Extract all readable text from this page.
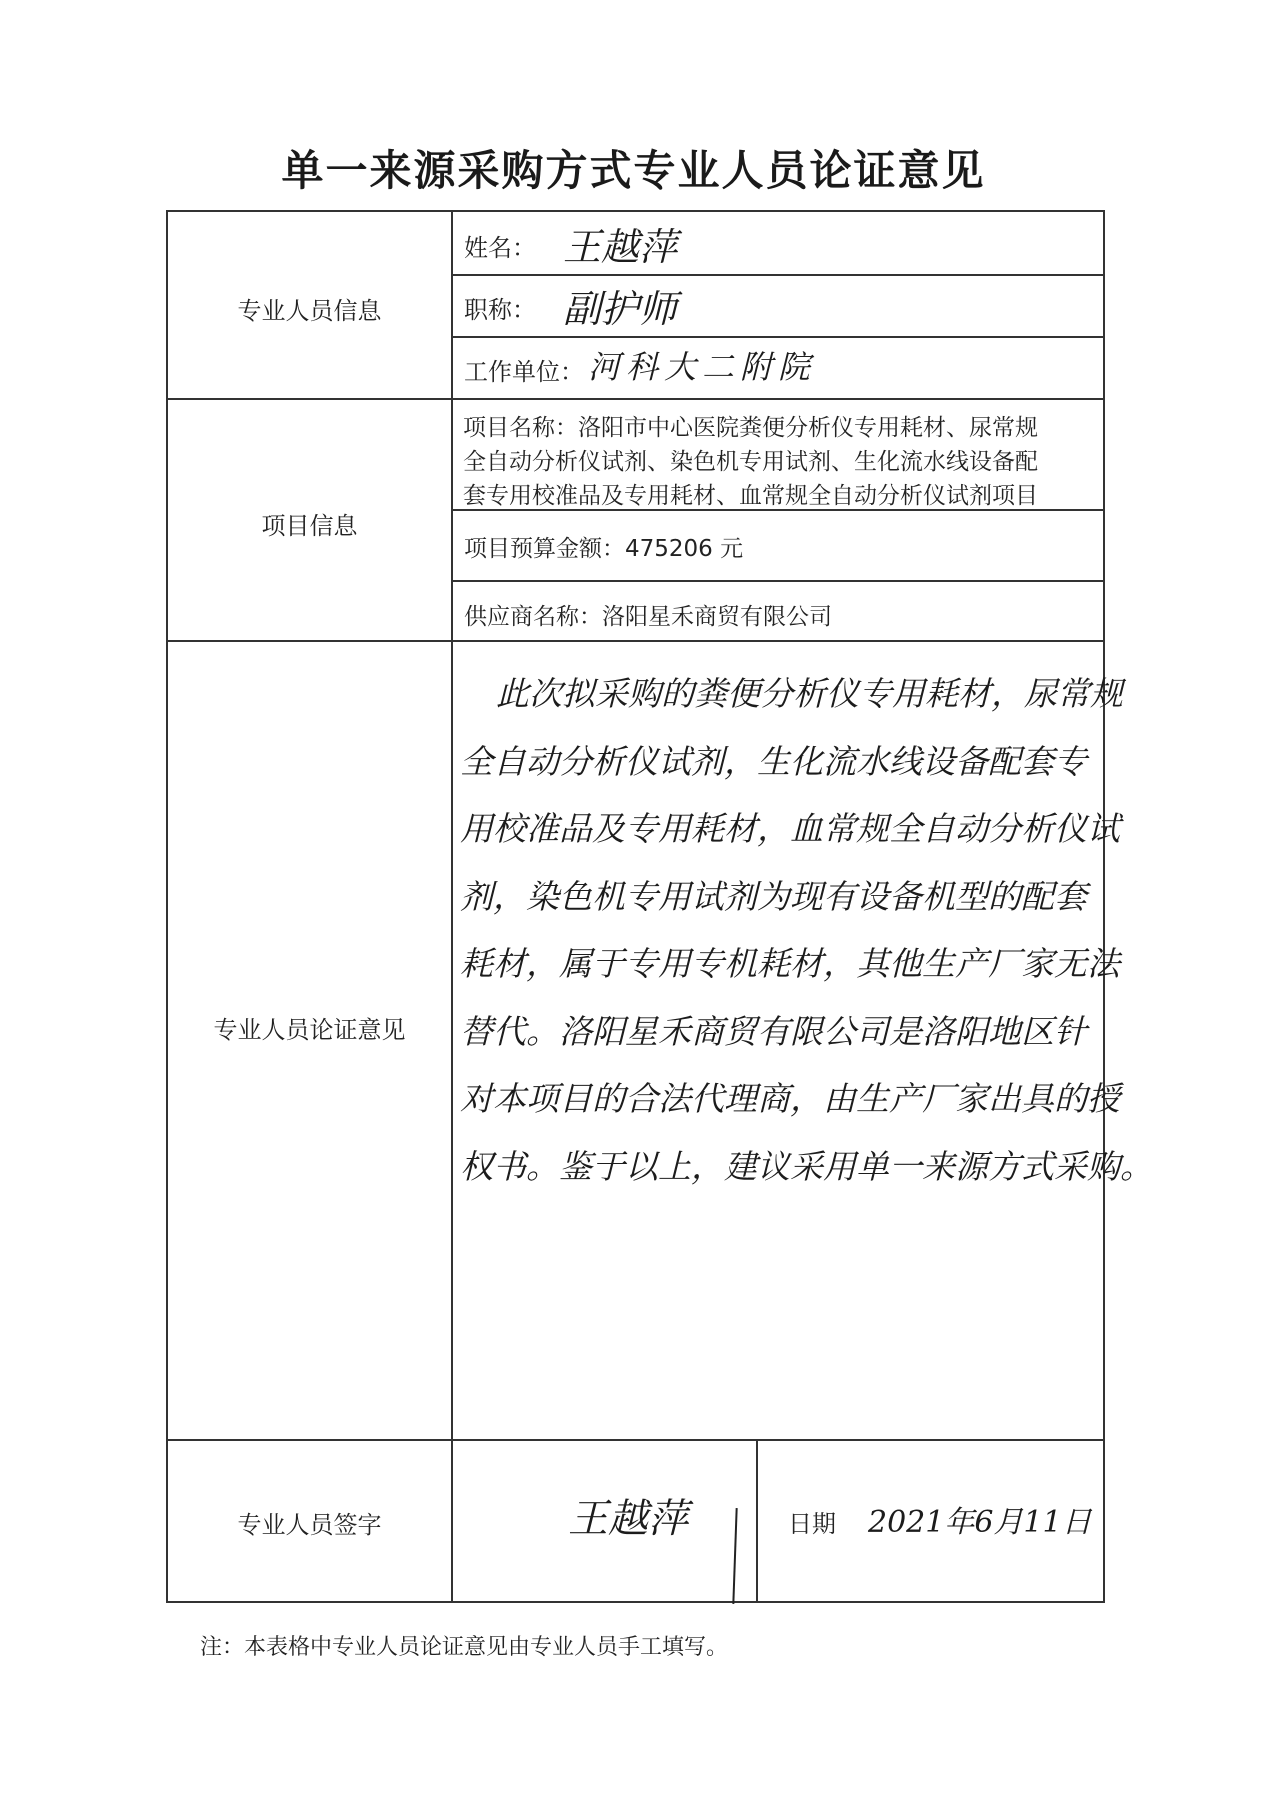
单一来源采购方式专业人员论证意见
专业人员信息
姓名： 王越萍
职称： 副护师
工作单位： 河科大二附院
项目信息
项目名称：洛阳市中心医院粪便分析仪专用耗材、尿常规
全自动分析仪试剂、染色机专用试剂、生化流水线设备配
套专用校准品及专用耗材、血常规全自动分析仪试剂项目
项目预算金额： 475206 元
供应商名称： 洛阳星禾商贸有限公司
专业人员论证意见

此次拟采购的粪便分析仪专用耗材，尿常规

全自动分析仪试剂，生化流水线设备配套专

用校准品及专用耗材，血常规全自动分析仪试

剂，染色机专用试剂为现有设备机型的配套

耗材，属于专用专机耗材，其他生产厂家无法

替代。洛阳星禾商贸有限公司是洛阳地区针

对本项目的合法代理商，由生产厂家出具的授

权书。鉴于以上，建议采用单一来源方式采购。

专业人员签字	王越萍	日期 2021年6月11日
注：本表格中专业人员论证意见由专业人员手工填写。
